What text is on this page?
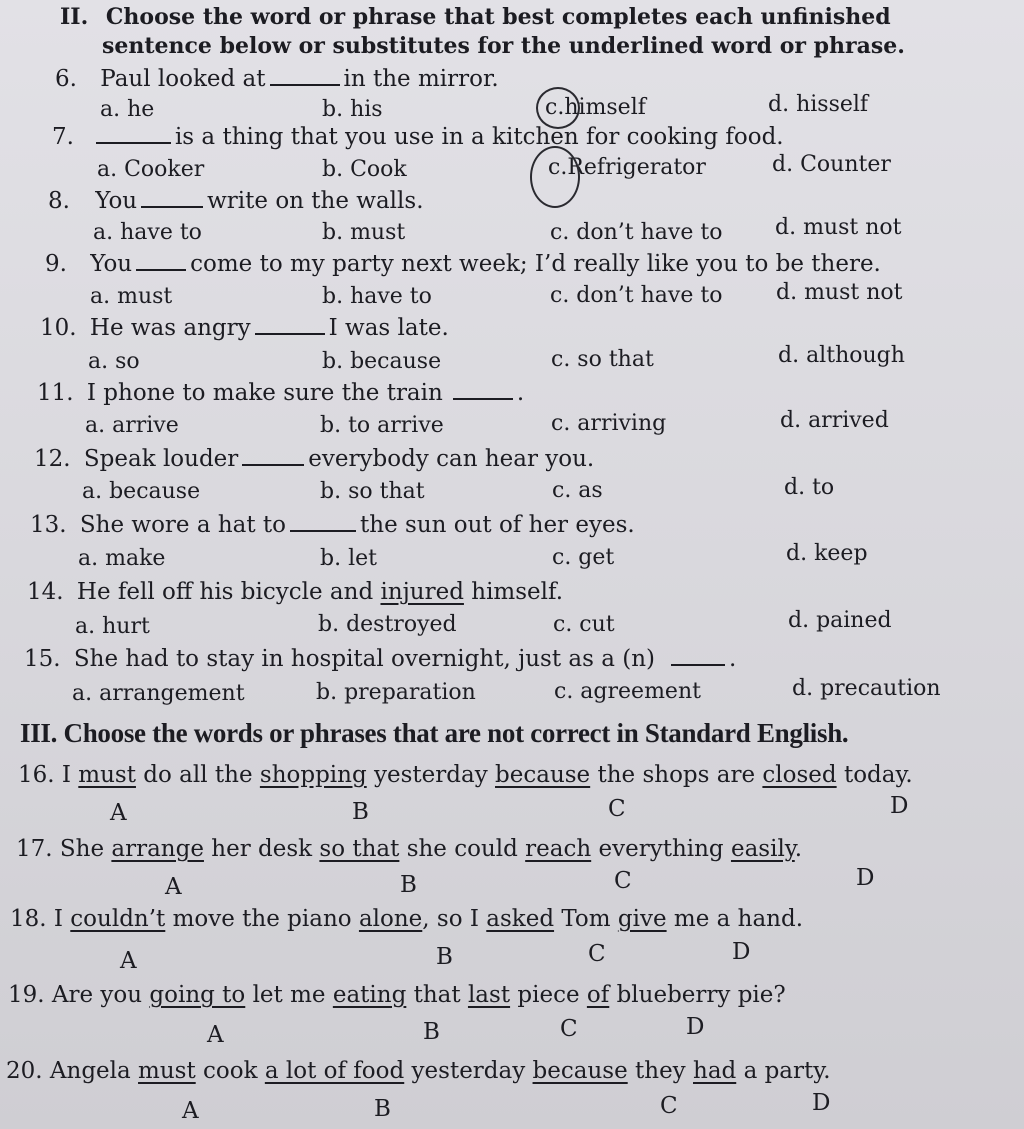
II. Choose the word or phrase that best completes each unfinished
sentence below or substitutes for the underlined word or phrase.
6. Paul looked at	in the mirror.
a. he	b. his	c.himself	d. hisself
7.	is a thing that you use in a kitchen for cooking food.
a. Cooker	b. Cook	c.Refrigerator	d. Counter
8. You	write on the walls.
a. have to	b. must	c. don’t have to d. must not
9. You	come to my party next week; I’d really like you to be there.
a. must	b. have to	c. don’t have to d. must not
10. He was angry	I was late.
a. so	b. because	c. so that	d. although
11. I phone to make sure the train	.
a. arrive	b. to arrive	c. arriving	d. arrived
12. Speak louder	everybody can hear you.
a. because	b. so that	c. as	d. to
13. She wore a hat to	the sun out of her eyes.
a. make	b. let	c. get	d. keep
14. He fell off his bicycle and injured himself.
a. hurt	b. destroyed	c. cut	d. pained
15. She had to stay in hospital overnight, just as a (n)	.
a. arrangement	b. preparation	c. agreement	d. precaution
III. Choose the words or phrases that are not correct in Standard English.
16. I must do all the shopping yesterday because the shops are closed today.
A	B	C	D
17. She arrange her desk so that she could reach everything easily.
A	B	C	D
18. I couldn’t move the piano alone, so I asked Tom give me a hand.
A	B	C	D
19. Are you going to let me eating that last piece of blueberry pie?
A	B	C	D
20. Angela must cook a lot of food yesterday because they had a party.
A	B	C	D
